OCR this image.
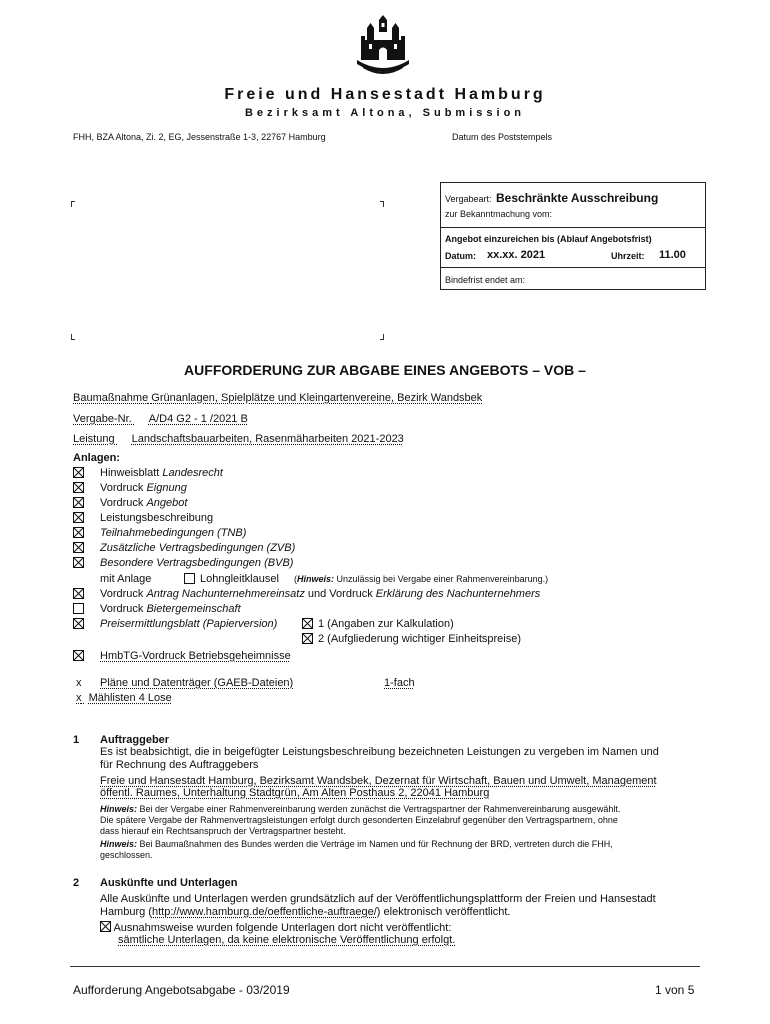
Freie und Hansestadt Hamburg
Bezirksamt Altona, Submission
FHH, BZA Altona, Zi. 2, EG, Jessenstraße 1-3, 22767 Hamburg	Datum des Poststempels
Vergabeart: Beschränkte Ausschreibung
zur Bekanntmachung vom:
Angebot einzureichen bis (Ablauf Angebotsfrist)
Datum: xx.xx. 2021	Uhrzeit: 11.00
Bindefrist endet am:
AUFFORDERUNG ZUR ABGABE EINES ANGEBOTS – VOB –
Baumaßnahme Grünanlagen, Spielplätze und Kleingartenvereine, Bezirk Wandsbek
Vergabe-Nr. A/D4 G2 - 1 /2021 B
Leistung Landschaftsbauarbeiten, Rasenmäharbeiten 2021-2023
Anlagen:
Hinweisblatt Landesrecht
Vordruck Eignung
Vordruck Angebot
Leistungsbeschreibung
Teilnahmebedingungen (TNB)
Zusätzliche Vertragsbedingungen (ZVB)
Besondere Vertragsbedingungen (BVB)
mit Anlage	Lohngleitklausel (Hinweis: Unzulässig bei Vergabe einer Rahmenvereinbarung.)
Vordruck Antrag Nachunternehmereinsatz und Vordruck Erklärung des Nachunternehmers
Vordruck Bietergemeinschaft
Preisermittlungsblatt (Papierversion)	1 (Angaben zur Kalkulation)
2 (Aufgliederung wichtiger Einheitspreise)
HmbTG-Vordruck Betriebsgeheimnisse
x Pläne und Datenträger (GAEB-Dateien)	1-fach
x Mählisten 4 Lose
1 Auftraggeber
Es ist beabsichtigt, die in beigefügter Leistungsbeschreibung bezeichneten Leistungen zu vergeben im Namen und
für Rechnung des Auftraggebers
Freie und Hansestadt Hamburg, Bezirksamt Wandsbek, Dezernat für Wirtschaft, Bauen und Umwelt, Management
öffentl. Raumes, Unterhaltung Stadtgrün, Am Alten Posthaus 2, 22041 Hamburg
Hinweis: Bei der Vergabe einer Rahmenvereinbarung werden zunächst die Vertragspartner der Rahmenvereinbarung ausgewählt.
Die spätere Vergabe der Rahmenvertragsleistungen erfolgt durch gesonderten Einzelabruf gegenüber den Vertragspartnern, ohne
dass hierauf ein Rechtsanspruch der Vertragspartner besteht.
Hinweis: Bei Baumaßnahmen des Bundes werden die Verträge im Namen und für Rechnung der BRD, vertreten durch die FHH,
geschlossen.
2 Auskünfte und Unterlagen
Alle Auskünfte und Unterlagen werden grundsätzlich auf der Veröffentlichungsplattform der Freien und Hansestadt
Hamburg (http://www.hamburg.de/oeffentliche-auftraege/) elektronisch veröffentlicht.
Ausnahmsweise wurden folgende Unterlagen dort nicht veröffentlicht:
sämtliche Unterlagen, da keine elektronische Veröffentlichung erfolgt.
Aufforderung Angebotsabgabe - 03/2019	1 von 5
